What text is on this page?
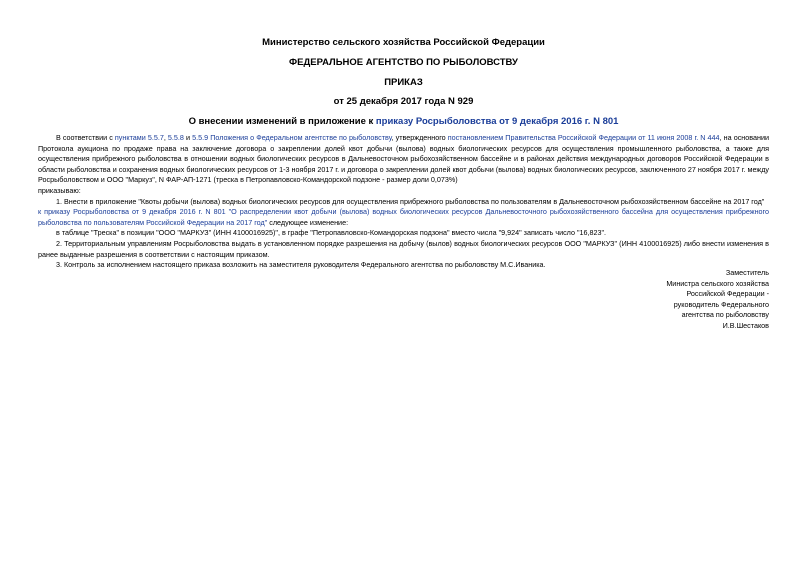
Министерство сельского хозяйства Российской Федерации

ФЕДЕРАЛЬНОЕ АГЕНТСТВО ПО РЫБОЛОВСТВУ

ПРИКАЗ

от 25 декабря 2017 года N 929

О внесении изменений в приложение к приказу Росрыболовства от 9 декабря 2016 г. N 801

В соответствии с пунктами 5.5.7, 5.5.8 и 5.5.9 Положения о Федеральном агентстве по рыболовству, утвержденного постановлением Правительства Российской Федерации от 11 июня 2008 г. N 444, на основании Протокола аукциона по продаже права на заключение договора о закреплении долей квот добычи (вылова) водных биологических ресурсов для осуществления промышленного рыболовства, а также для осуществления прибрежного рыболовства в отношении водных биологических ресурсов в Дальневосточном рыбохозяйственном бассейне и в районах действия международных договоров Российской Федерации в области рыболовства и сохранения водных биологических ресурсов от 1-3 ноября 2017 г. и договора о закреплении долей квот добычи (вылова) водных биологических ресурсов, заключенного 27 ноября 2017 г. между Росрыболовством и ООО "Маркуз", N ФАР-АП-1271 (треска в Петропавловско-Командорской подзоне - размер доли 0,073%)

приказываю:

1. Внести в приложение "Квоты добычи (вылова) водных биологических ресурсов для осуществления прибрежного рыболовства по пользователям в Дальневосточном рыбохозяйственном бассейне на 2017 год"

к приказу Росрыболовства от 9 декабря 2016 г. N 801 "О распределении квот добычи (вылова) водных биологических ресурсов Дальневосточного рыбохозяйственного бассейна для осуществления прибрежного рыболовства по пользователям Российской Федерации на 2017 год" следующее изменение:

в таблице "Треска" в позиции "ООО "МАРКУЗ" (ИНН 4100016925)", в графе "Петропавловско-Командорская подзона" вместо числа "9,924" записать число "16,823".

2. Территориальным управлениям Росрыболовства выдать в установленном порядке разрешения на добычу (вылов) водных биологических ресурсов ООО "МАРКУЗ" (ИНН 4100016925) либо внести изменения в ранее выданные разрешения в соответствии с настоящим приказом.

3. Контроль за исполнением настоящего приказа возложить на заместителя руководителя Федерального агентства по рыболовству М.С.Иваника.

Заместитель
Министра сельского хозяйства
Российской Федерации -
руководитель Федерального
агентства по рыболовству
И.В.Шестаков
